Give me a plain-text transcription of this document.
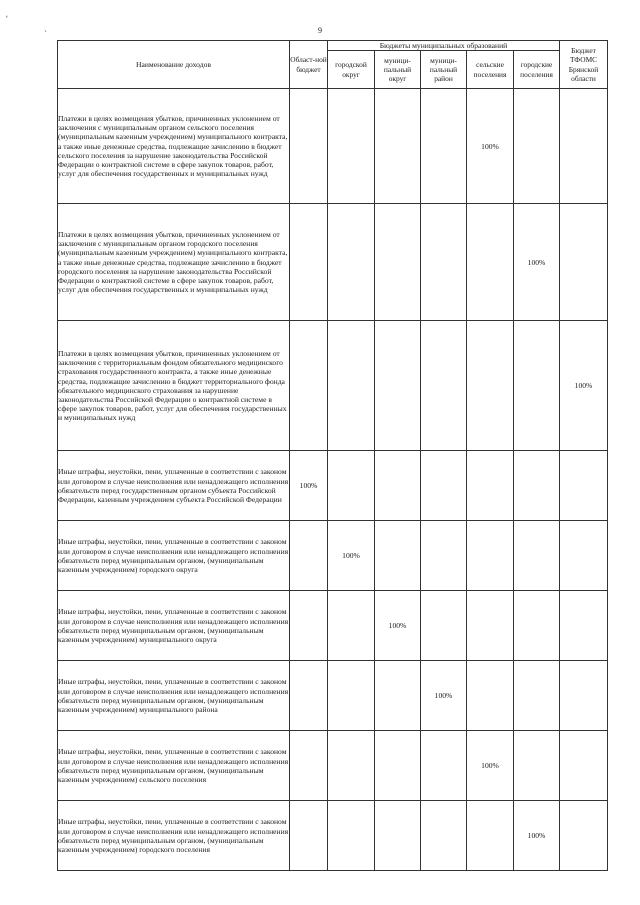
ʹ
ˏ	9
Наименование доходов	Област-ной бюджет	Бюджеты муниципальных образований					Бюджет ТФОМС Брянской области
		городской округ	муници-пальный округ	муници-пальный район	сельские поселения	городские поселения	
Платежи в целях возмещения убытков, причиненных уклонением от заключения с муниципальным органом сельского поселения (муниципальным казенным учреждением) муниципального контракта, а также иные денежные средства, подлежащие зачислению в бюджет сельского поселения за нарушение законодательства Российской Федерации о контрактной системе в сфере закупок товаров, работ, услуг для обеспечения государственных и муниципальных нужд					100%		
Платежи в целях возмещения убытков, причиненных уклонением от заключения с муниципальным органом городского поселения (муниципальным казенным учреждением) муниципального контракта, а также иные денежные средства, подлежащие зачислению в бюджет городского поселения за нарушение законодательства Российской Федерации о контрактной системе в сфере закупок товаров, работ, услуг для обеспечения государственных и муниципальных нужд						100%	
Платежи в целях возмещения убытков, причиненных уклонением от заключения с территориальным фондом обязательного медицинского страхования государственного контракта, а также иные денежные средства, подлежащие зачислению в бюджет территориального фонда обязательного медицинского страхования за нарушение законодательства Российской Федерации о контрактной системе в сфере закупок товаров, работ, услуг для обеспечения государственных и муниципальных нужд							100%
Иные штрафы, неустойки, пени, уплаченные в соответствии с законом или договором в случае неисполнения или ненадлежащего исполнения обязательств перед государственным органом субъекта Российской Федерации, казенным учреждением субъекта Российской Федерации	100%						
Иные штрафы, неустойки, пени, уплаченные в соответствии с законом или договором в случае неисполнения или ненадлежащего исполнения обязательств перед муниципальным органом, (муниципальным казенным учреждением) городского округа		100%					
Иные штрафы, неустойки, пени, уплаченные в соответствии с законом или договором в случае неисполнения или ненадлежащего исполнения обязательств перед муниципальным органом, (муниципальным казенным учреждением) муниципального округа			100%				
Иные штрафы, неустойки, пени, уплаченные в соответствии с законом или договором в случае неисполнения или ненадлежащего исполнения обязательств перед муниципальным органом, (муниципальным казенным учреждением) муниципального района				100%			
Иные штрафы, неустойки, пени, уплаченные в соответствии с законом или договором в случае неисполнения или ненадлежащего исполнения обязательств перед муниципальным органом, (муниципальным казенным учреждением) сельского поселения					100%		
Иные штрафы, неустойки, пени, уплаченные в соответствии с законом или договором в случае неисполнения или ненадлежащего исполнения обязательств перед муниципальным органом, (муниципальным казенным учреждением) городского поселения						100%	
